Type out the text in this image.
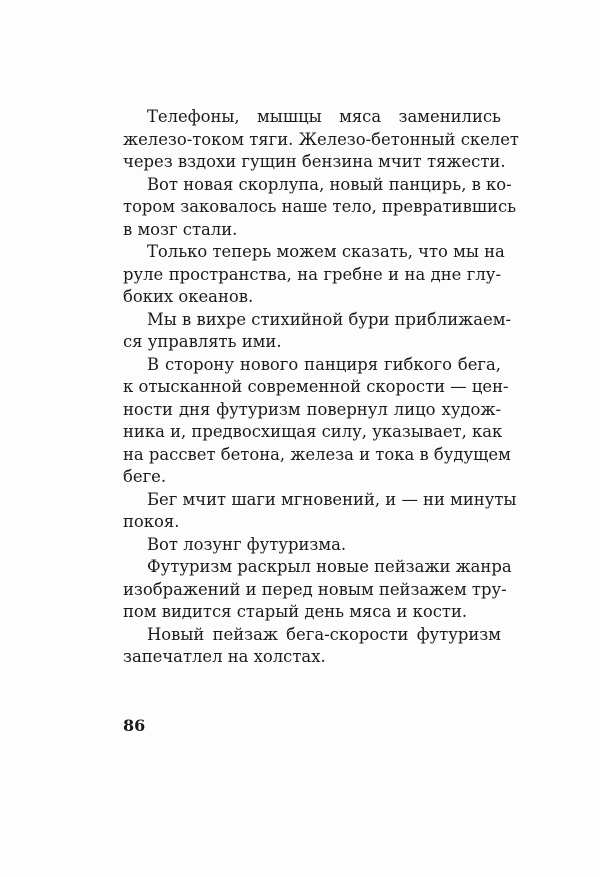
Телефоны, мышцы мяса заменились
железо-током тяги. Железо-бетонный скелет
через вздохи гущин бензина мчит тяжести.
Вот новая скорлупа, новый панцирь, в ко-
тором заковалось наше тело, превратившись
в мозг стали.
Только теперь можем сказать, что мы на
руле пространства, на гребне и на дне глу-
боких океанов.
Мы в вихре стихийной бури приближаем-
ся управлять ими.
В сторону нового панциря гибкого бега,
к отысканной современной скорости — цен-
ности дня футуризм повернул лицо худож-
ника и, предвосхищая силу, указывает, как
на рассвет бетона, железа и тока в будущем
беге.
Бег мчит шаги мгновений, и — ни минуты
покоя.
Вот лозунг футуризма.
Футуризм раскрыл новые пейзажи жанра
изображений и перед новым пейзажем тру-
пом видится старый день мяса и кости.
Новый пейзаж бега-скорости футуризм
запечатлел на холстах.
86
